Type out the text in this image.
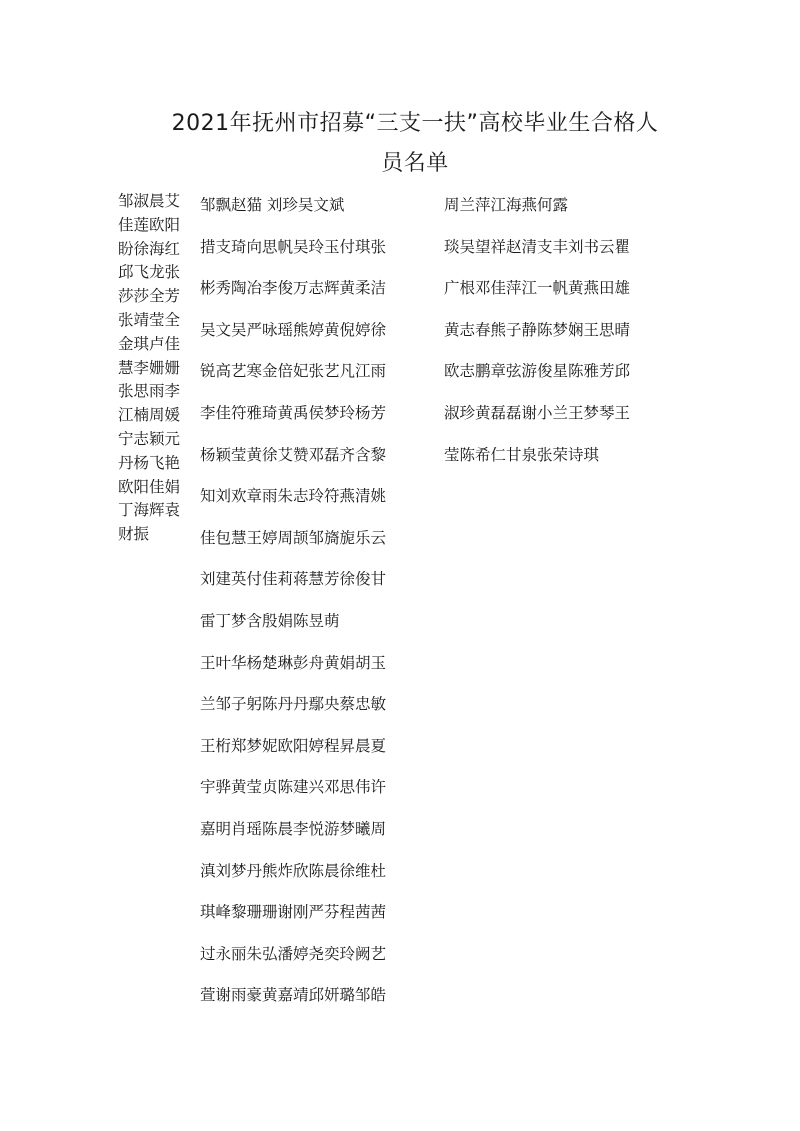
2021年抚州市招募“三支一扶”高校毕业生合格人
员名单
邹淑晨艾
佳莲欧阳
盼徐海红
邱飞龙张
莎莎全芳
张靖莹全
金琪卢佳
慧李姗姗
张思雨李
江楠周媛
宁志颖元
丹杨飞艳
欧阳佳娟
丁海辉袁
财振
邹飘赵猫 刘珍吴文斌
措支琦向思帆吴玲玉付琪张
彬秀陶冶李俊万志辉黄柔洁
吴文吴严咏瑶熊婷黄倪婷徐
锐高艺寒金倍妃张艺凡江雨
李佳符雅琦黄禹侯梦玲杨芳
杨颖莹黄徐艾赞邓磊齐含黎
知刘欢章雨朱志玲符燕清姚
佳包慧王婷周颉邹旖旎乐云
刘建英付佳莉蒋慧芳徐俊甘
雷丁梦含殷娟陈昱萌
王叶华杨楚琳彭舟黄娟胡玉
兰邹子躬陈丹丹鄢央蔡忠敏
王桁郑梦妮欧阳婷程昇晨夏
宇骅黄莹贞陈建兴邓思伟许
嘉明肖瑶陈晨李悦游梦曦周
滇刘梦丹熊炸欣陈晨徐维杜
琪峰黎珊珊谢刚严芬程茜茜
过永丽朱弘潘婷尧奕玲阙艺
萱谢雨豪黄嘉靖邱妍璐邹皓
周兰萍江海燕何露
琰吴望祥赵清支丰刘书云瞿
广根邓佳萍江一帆黄燕田雄
黄志春熊子静陈梦娴王思晴
欧志鹏章弦游俊星陈雅芳邱
淑珍黄磊磊谢小兰王梦琴王
莹陈希仁甘泉张荣诗琪
